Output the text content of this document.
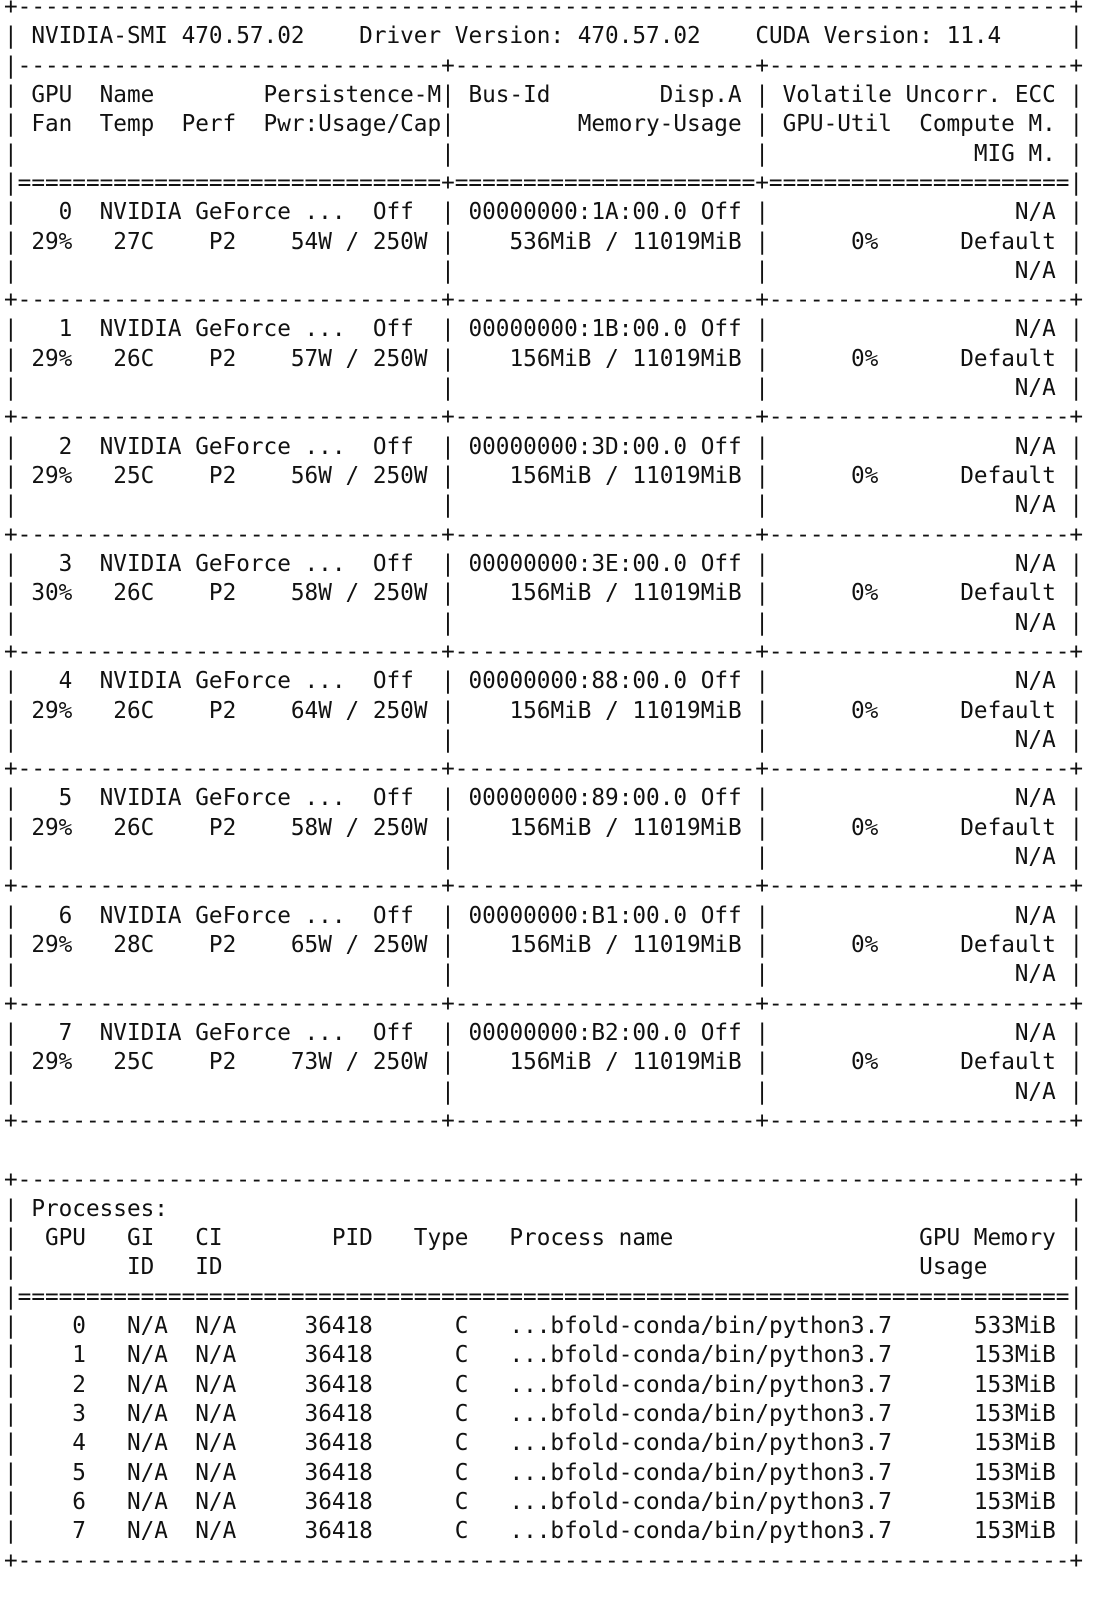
+-----------------------------------------------------------------------------+
| NVIDIA-SMI 470.57.02 Driver Version: 470.57.02 CUDA Version: 11.4     |
|-------------------------------+----------------------+----------------------+
| GPU  Name        Persistence-M| Bus-Id        Disp.A | Volatile Uncorr. ECC |
| Fan  Temp  Perf  Pwr:Usage/Cap|         Memory-Usage | GPU-Util  Compute M. |
|	|	|               MIG M. |
|===============================+======================+======================|
|   0 NVIDIA GeForce ... Off  | 00000000:1A:00.0 Off |                  N/A |
| 29% 27C P2    54W / 250W |    536MiB / 11019MiB |      0%      Default |
|                               |                      |                  N/A |
+-------------------------------+----------------------+----------------------+
|   1 NVIDIA GeForce ... Off  | 00000000:1B:00.0 Off |                  N/A |
| 29% 26C P2    57W / 250W |    156MiB / 11019MiB |      0%      Default |
|                               |                      |                  N/A |
+-------------------------------+----------------------+----------------------+
|   2 NVIDIA GeForce ... Off  | 00000000:3D:00.0 Off |                  N/A |
| 29% 25C P2    56W / 250W |    156MiB / 11019MiB |      0%      Default |
|                               |                      |                  N/A |
+-------------------------------+----------------------+----------------------+
|   3 NVIDIA GeForce ... Off  | 00000000:3E:00.0 Off |                  N/A |
| 30% 26C P2    58W / 250W |    156MiB / 11019MiB |      0%      Default |
|                               |                      |                  N/A |
+-------------------------------+----------------------+----------------------+
|   4 NVIDIA GeForce ... Off  | 00000000:88:00.0 Off |                  N/A |
| 29% 26C P2    64W / 250W |    156MiB / 11019MiB |      0%      Default |
|                               |                      |                  N/A |
+-------------------------------+----------------------+----------------------+
|   5 NVIDIA GeForce ... Off  | 00000000:89:00.0 Off |                  N/A |
| 29% 26C P2    58W / 250W |    156MiB / 11019MiB |      0%      Default |
|                               |                      |                  N/A |
+-------------------------------+----------------------+----------------------+
|   6 NVIDIA GeForce ... Off  | 00000000:B1:00.0 Off |                  N/A |
| 29% 28C P2    65W / 250W |    156MiB / 11019MiB |      0%      Default |
|                               |                      |                  N/A |
+-------------------------------+----------------------+----------------------+
|   7 NVIDIA GeForce ... Off  | 00000000:B2:00.0 Off |                  N/A |
| 29% 25C P2    73W / 250W |    156MiB / 11019MiB |      0%      Default |
|                               |                      |                  N/A |
+-------------------------------+----------------------+----------------------+

+-----------------------------------------------------------------------------+
| Processes:                                                                  |
|  GPU   GI   CI        PID   Type   Process name                  GPU Memory |
|        ID   ID                                                   Usage      |
|=============================================================================|
|    0 N/A N/A     36418      C ...bfold-conda/bin/python3.7      533MiB |
|    1 N/A N/A     36418      C ...bfold-conda/bin/python3.7      153MiB |
|    2 N/A N/A     36418      C ...bfold-conda/bin/python3.7      153MiB |
|    3 N/A N/A     36418      C ...bfold-conda/bin/python3.7      153MiB |
|    4 N/A N/A     36418      C ...bfold-conda/bin/python3.7      153MiB |
|    5 N/A N/A     36418      C ...bfold-conda/bin/python3.7      153MiB |
|    6 N/A N/A     36418      C ...bfold-conda/bin/python3.7      153MiB |
|    7 N/A N/A     36418      C ...bfold-conda/bin/python3.7      153MiB |
+-----------------------------------------------------------------------------+
